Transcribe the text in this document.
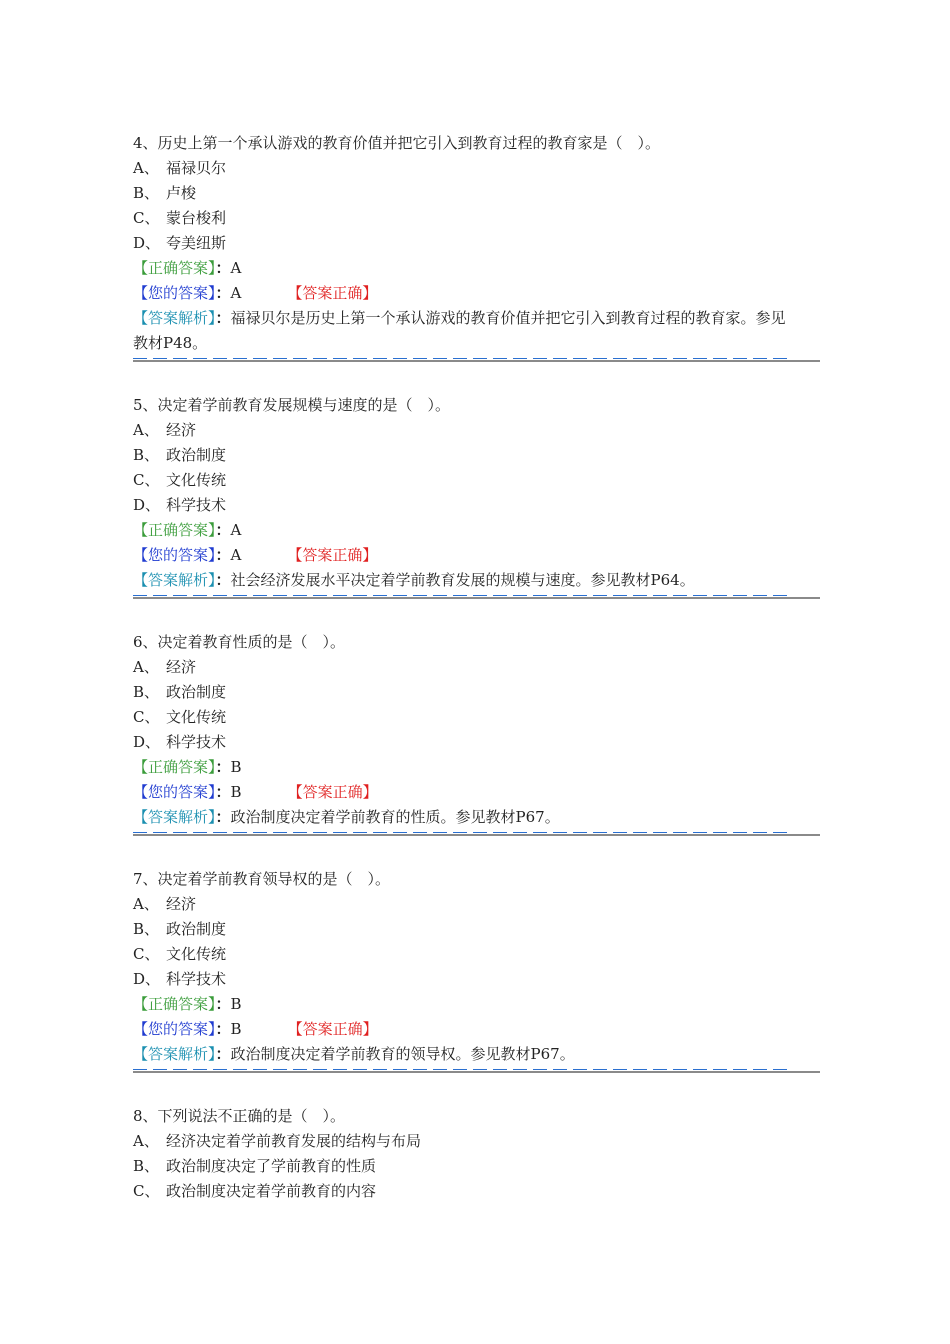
4、历史上第一个承认游戏的教育价值并把它引入到教育过程的教育家是（　）。
A、 福禄贝尔
B、 卢梭
C、 蒙台梭利
D、 夸美纽斯
【正确答案】：A
【您的答案】：A	【答案正确】
【答案解析】：福禄贝尔是历史上第一个承认游戏的教育价值并把它引入到教育过程的教育家。参见教材P48。
5、决定着学前教育发展规模与速度的是（　）。
A、 经济
B、 政治制度
C、 文化传统
D、 科学技术
【正确答案】：A
【您的答案】：A	【答案正确】
【答案解析】：社会经济发展水平决定着学前教育发展的规模与速度。参见教材P64。
6、决定着教育性质的是（　）。
A、 经济
B、 政治制度
C、 文化传统
D、 科学技术
【正确答案】：B
【您的答案】：B	【答案正确】
【答案解析】：政治制度决定着学前教育的性质。参见教材P67。
7、决定着学前教育领导权的是（　）。
A、 经济
B、 政治制度
C、 文化传统
D、 科学技术
【正确答案】：B
【您的答案】：B	【答案正确】
【答案解析】：政治制度决定着学前教育的领导权。参见教材P67。
8、下列说法不正确的是（　）。
A、 经济决定着学前教育发展的结构与布局
B、 政治制度决定了学前教育的性质
C、 政治制度决定着学前教育的内容
